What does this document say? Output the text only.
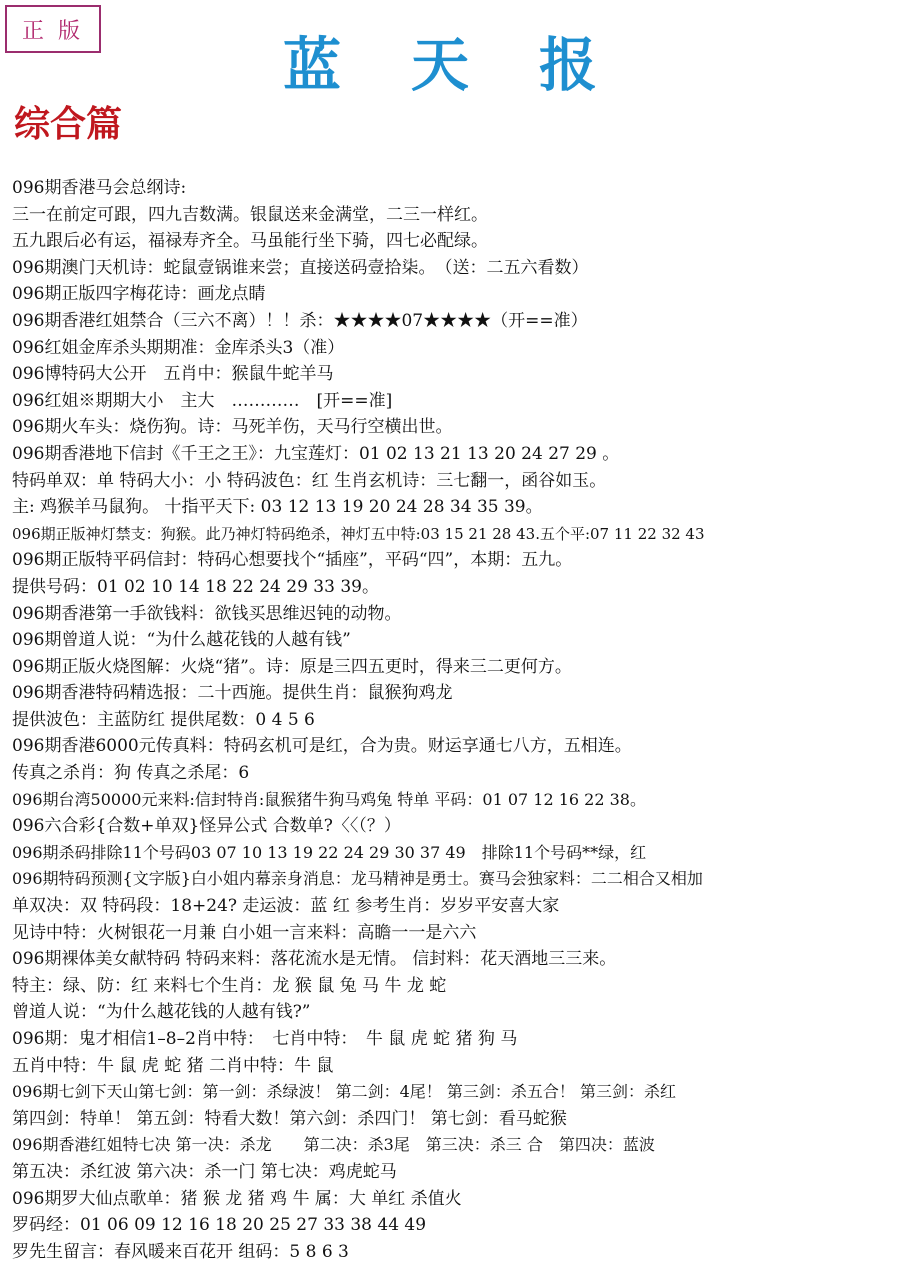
正版	蓝天报
综合篇
096期香港马会总纲诗:
三一在前定可跟，四九吉数满。银鼠送来金满堂，二三一样红。
五九跟后必有运，福禄寿齐全。马虽能行坐下骑，四七必配绿。
096期澳门天机诗：蛇鼠壹锅谁来尝；直接送码壹拾柒。　（送：二五六看数）
096期正版四字梅花诗：画龙点睛
096期香港红姐禁合（三六不离）！！杀：★★★★07★★★★（开==准）
096红姐金库杀头期期准：金库杀头3（准）
096博特码大公开　五肖中：猴鼠牛蛇羊马
096红姐※期期大小　主大　…………　[开==准]
096期火车头：烧伤狗。诗：马死羊伤，天马行空横出世。
096期香港地下信封《千王之王》：九宝莲灯：01 02 13 21 13 20 24 27 29 。
特码单双：单 特码大小：小 特码波色：红 生肖玄机诗：三七翻一，函谷如玉。
主: 鸡猴羊马鼠狗。 十指平天下: 03 12 13 19 20 24 28 34 35 39。
096期正版神灯禁支：狗猴。此乃神灯特码绝杀，神灯五中特:03 15 21 28 43.五个平:07 11 22 32 43
096期正版特平码信封：特码心想要找个“插座”，平码“四”，本期：五九。
提供号码：01 02 10 14 18 22 24 29 33 39。
096期香港第一手欲钱料：欲钱买思维迟钝的动物。
096期曾道人说：“为什么越花钱的人越有钱”
096期正版火烧图解：火烧“猪”。诗：原是三四五更时，得来三二更何方。
096期香港特码精选报：二十西施。提供生肖：鼠猴狗鸡龙
提供波色：主蓝防红 提供尾数：0 4 5 6
096期香港6000元传真料：特码玄机可是红，合为贵。财运享通七八方，五相连。
传真之杀肖：狗 传真之杀尾：6
096期台湾50000元来料:信封特肖:鼠猴猪牛狗马鸡兔 特单 平码：01 07 12 16 22 38。
096六合彩{合数+单双}怪异公式 合数单?〈〈（？）
096期杀码排除11个号码03 07 10 13 19 22 24 29 30 37 49　排除11个号码**绿，红
096期特码预测{文字版}白小姐内幕亲身消息：龙马精神是勇士。赛马会独家料：二二相合又相加
单双决：双 特码段：18+24? 走运波：蓝 红 参考生肖：岁岁平安喜大家
见诗中特：火树银花一月兼 白小姐一言来料：高瞻一一是六六
096期裸体美女献特码 特码来料：落花流水是无情。 信封料：花天酒地三三来。
特主：绿、防：红 来料七个生肖：龙 猴 鼠 兔 马 牛 龙 蛇
曾道人说：“为什么越花钱的人越有钱?”
096期：鬼才相信1–8–2肖中特：　七肖中特：　牛 鼠 虎 蛇 猪 狗 马
五肖中特：牛 鼠 虎 蛇 猪 二肖中特：牛 鼠
096期七剑下天山第七剑：第一剑：杀绿波！ 第二剑：4尾！ 第三剑：杀五合！ 第三剑：杀红
第四剑：特单！ 第五剑：特看大数！第六剑：杀四门！ 第七剑：看马蛇猴
096期香港红姐特七决 第一决：杀龙　　第二决：杀3尾　第三决：杀三 合　第四决：蓝波
第五决：杀红波 第六决：杀一门 第七决：鸡虎蛇马
096期罗大仙点歌单：猪 猴 龙 猪 鸡 牛 属：大 单红 杀值火
罗码经：01 06 09 12 16 18 20 25 27 33 38 44 49
罗先生留言：春风暖来百花开 组码：5 8 6 3
